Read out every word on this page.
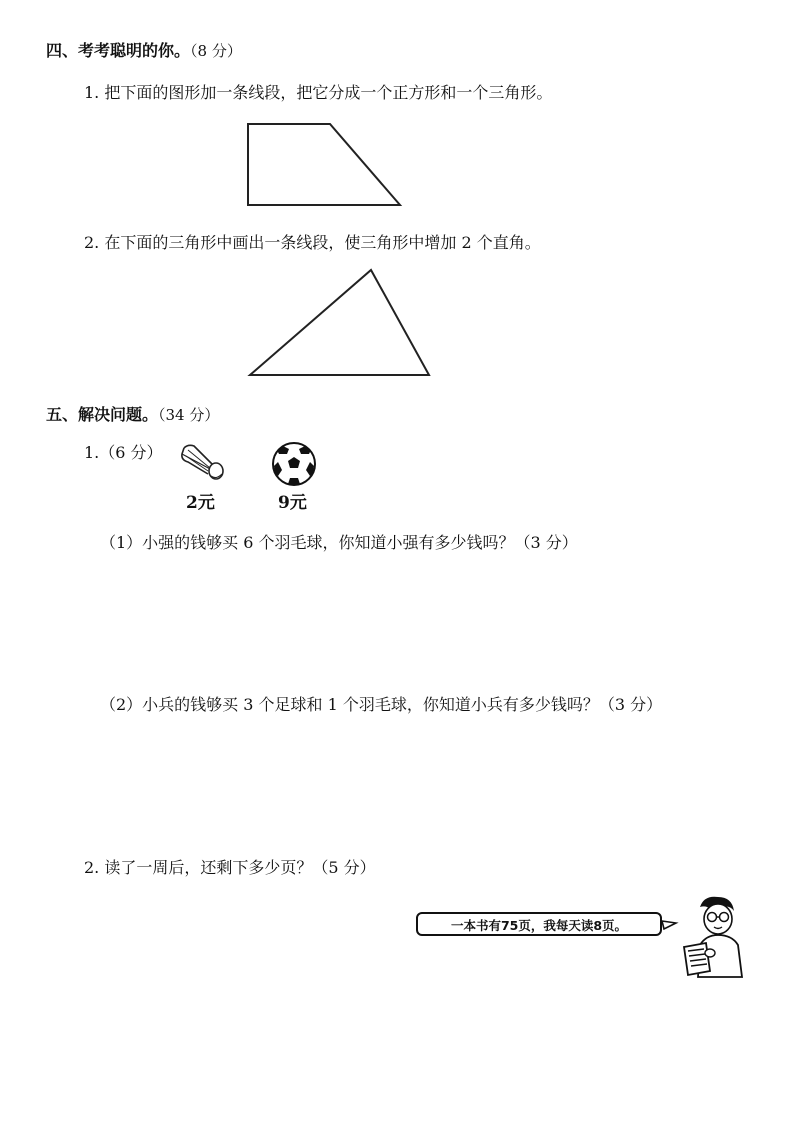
四、考考聪明的你。（8 分）
1. 把下面的图形加一条线段，把它分成一个正方形和一个三角形。
2. 在下面的三角形中画出一条线段，使三角形中增加 2 个直角。
五、解决问题。（34 分）
1.（6 分）
2元	9元
（1）小强的钱够买 6 个羽毛球，你知道小强有多少钱吗？（3 分）
（2）小兵的钱够买 3 个足球和 1 个羽毛球，你知道小兵有多少钱吗？（3 分）
2. 读了一周后，还剩下多少页？（5 分）
一本书有75页，我每天读8页。
